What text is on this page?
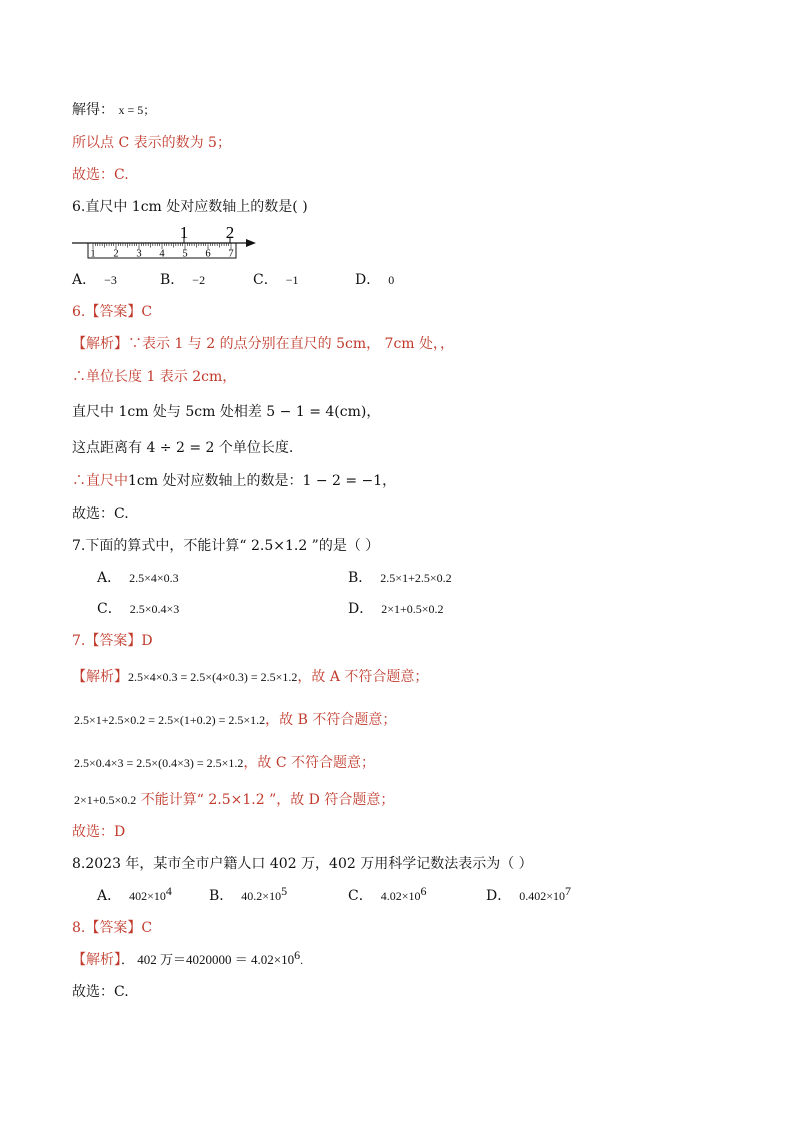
解得： x = 5；
所以点 C 表示的数为 5；
故选：C.
6.直尺中 1cm 处对应数轴上的数是( )
1 2
1 2 3 4 5 6 7
A． −3	B． −2	C． −1	D． 0
6.【答案】C
【解析】∵表示 1 与 2 的点分别在直尺的 5cm， 7cm 处，，
∴单位长度 1 表示 2cm，
直尺中 1cm 处与 5cm 处相差 5 − 1 = 4(cm)，
这点距离有 4 ÷ 2 = 2 个单位长度.
∴直尺中1cm 处对应数轴上的数是：1 − 2 = −1，
故选：C.
7.下面的算式中，不能计算“ 2.5×1.2 ”的是（ ）
A． 2.5×4×0.3	B． 2.5×1+2.5×0.2
C． 2.5×0.4×3	D． 2×1+0.5×0.2
7.【答案】D
【解析】2.5×4×0.3 = 2.5×(4×0.3) = 2.5×1.2，故 A 不符合题意；
2.5×1+2.5×0.2 = 2.5×(1+0.2) = 2.5×1.2，故 B 不符合题意；
2.5×0.4×3 = 2.5×(0.4×3) = 2.5×1.2，故 C 不符合题意；
2×1+0.5×0.2 不能计算“ 2.5×1.2 ”，故 D 符合题意；
故选：D
8.2023 年，某市全市户籍人口 402 万，402 万用科学记数法表示为（ ）
A． $402\times 10^4$	B． $40.2\times 10^5$	C． $4.02\times 10^6$	D． $0.402\times 10^7$
8.【答案】C
【解析】． 402 万$=4020000 = 4.02\times 10^6$.
故选：C.
